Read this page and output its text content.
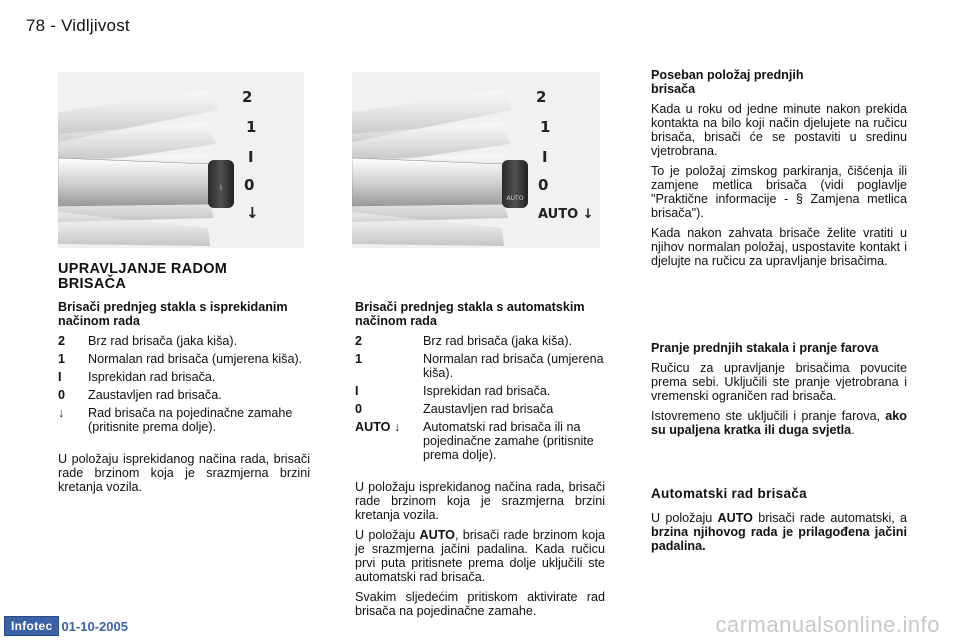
78 - Vidljivost
⌇
2
1
I
0
↓
AUTO
2
1
I
0
AUTO ↓
UPRAVLJANJE RADOM BRISAČA
Brisači prednjeg stakla s isprekidanim načinom rada
2	Brz rad brisača (jaka kiša).
1	Normalan rad brisača (umjerena kiša).
I	Isprekidan rad brisača.
0	Zaustavljen rad brisača.
↓	Rad brisača na pojedinačne zamahe (pritisnite prema dolje).

U položaju isprekidanog načina rada, brisači rade brzinom koja je srazmjerna brzini kretanja vozila.

Brisači prednjeg stakla s automatskim načinom rada
2	Brz rad brisača (jaka kiša).
1	Normalan rad brisača (umjerena kiša).
I	Isprekidan rad brisača.
0	Zaustavljen rad brisača
AUTO ↓	Automatski rad brisača ili na pojedinačne zamahe (pritisnite prema dolje).

U položaju isprekidanog načina rada, brisači rade brzinom koja je srazmjerna brzini kretanja vozila.

U položaju AUTO, brisači rade brzinom koja je srazmjerna jačini padalina. Kada ručicu prvi puta pritisnete prema dolje uključili ste automatski rad brisača.

Svakim sljedećim pritiskom aktivirate rad brisača na pojedinačne zamahe.

Poseban položaj prednjih brisača

Kada u roku od jedne minute nakon prekida kontakta na bilo koji način djelujete na ručicu brisača, brisači će se postaviti u sredinu vjetrobrana.

To je položaj zimskog parkiranja, čišćenja ili zamjene metlica brisača (vidi poglavlje "Praktične informacije - § Zamjena metlica brisača").

Kada nakon zahvata brisače želite vratiti u njihov normalan položaj, uspostavite kontakt i djelujte na ručicu za upravljanje brisačima.

Pranje prednjih stakala i pranje farova

Ručicu za upravljanje brisačima povucite prema sebi. Uključili ste pranje vjetrobrana i vremenski ograničen rad brisača.

Istovremeno ste uključili i pranje farova, ako su upaljena kratka ili duga svjetla.

Automatski rad brisača

U položaju AUTO brisači rade automatski, a brzina njihovog rada je prilagođena jačini padalina.

Infotec 01-10-2005	carmanualsonline.info
